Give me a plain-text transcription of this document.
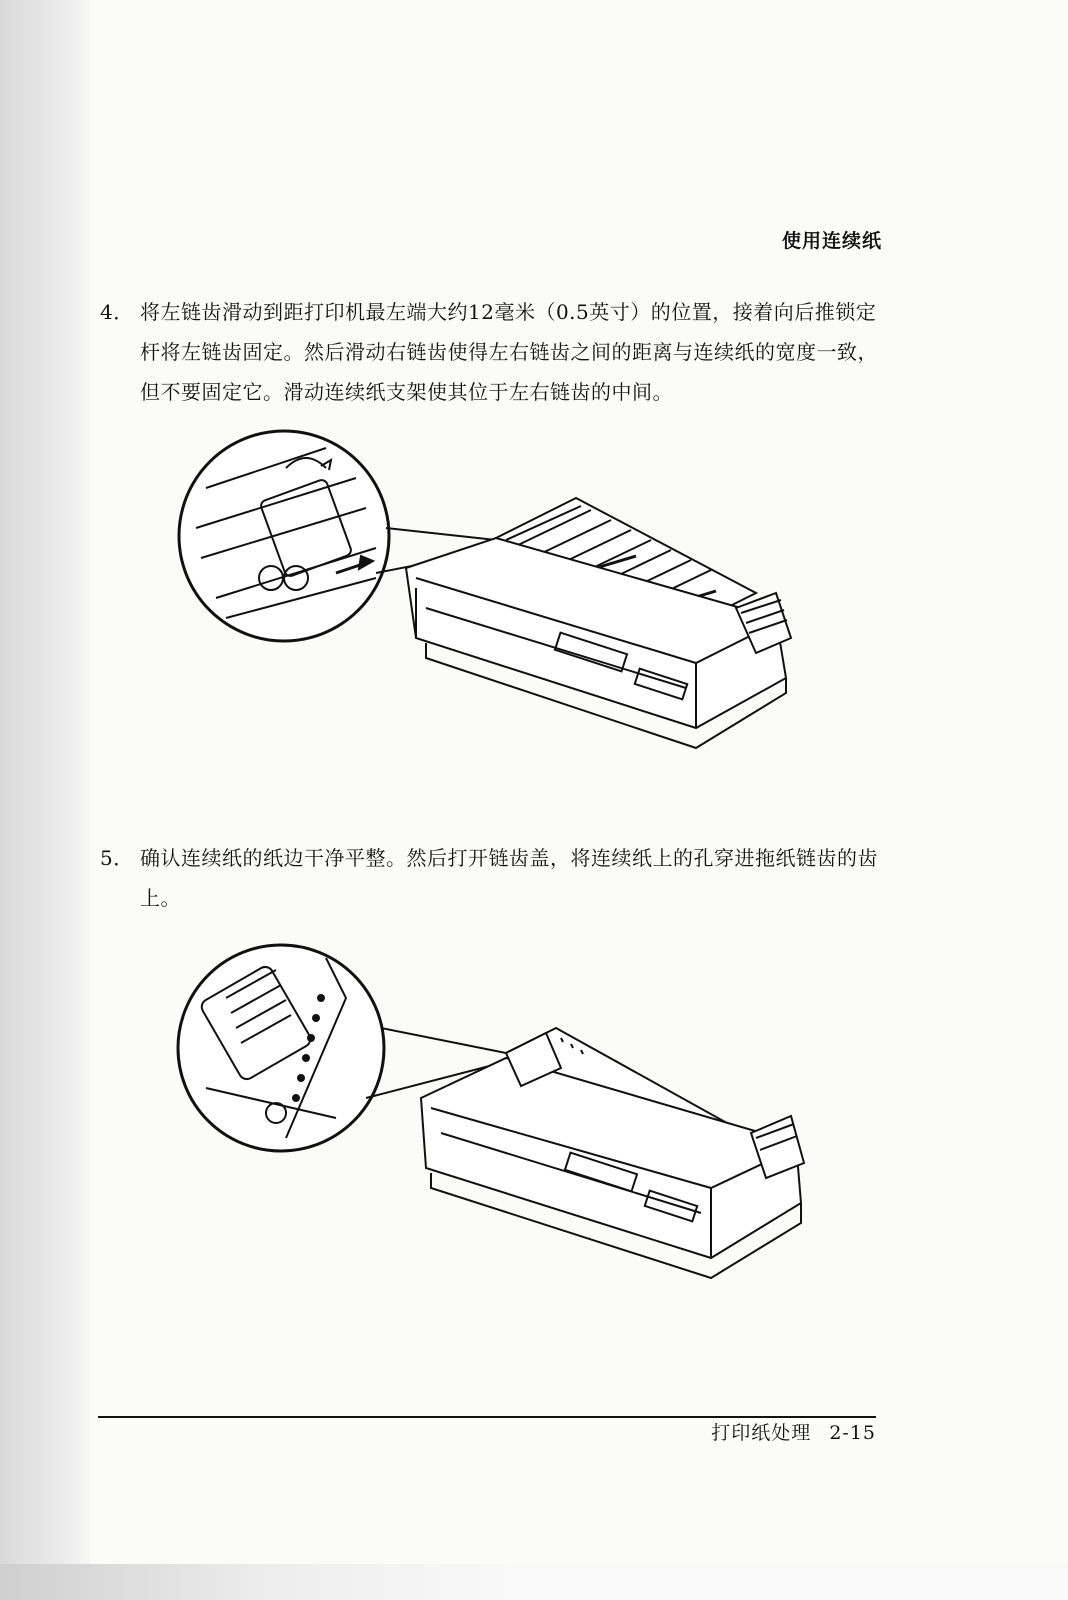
使用连续纸
4． 将左链齿滑动到距打印机最左端大约12毫米（0.5英寸）的位置，接着向后推锁定杆将左链齿固定。然后滑动右链齿使得左右链齿之间的距离与连续纸的宽度一致，但不要固定它。滑动连续纸支架使其位于左右链齿的中间。
5． 确认连续纸的纸边干净平整。然后打开链齿盖，将连续纸上的孔穿进拖纸链齿的齿上。
打印纸处理 2-15
